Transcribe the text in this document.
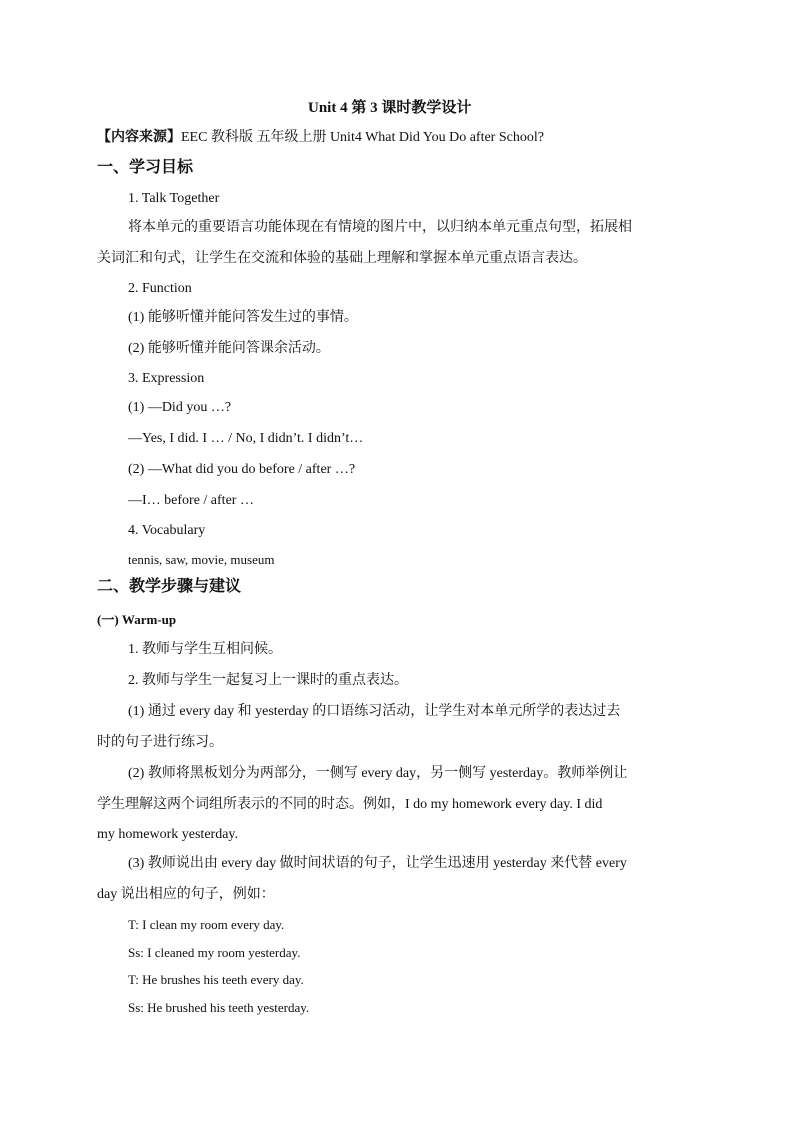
Unit 4 第 3 课时教学设计
【内容来源】EEC 教科版 五年级上册 Unit4 What Did You Do after School?
一、学习目标
1. Talk Together
将本单元的重要语言功能体现在有情境的图片中，以归纳本单元重点句型，拓展相
关词汇和句式，让学生在交流和体验的基础上理解和掌握本单元重点语言表达。
2. Function
(1) 能够听懂并能问答发生过的事情。
(2) 能够听懂并能问答课余活动。
3. Expression
(1) —Did you …?
—Yes, I did. I … / No, I didn’t. I didn’t…
(2) —What did you do before / after …?
—I… before / after …
4. Vocabulary
tennis, saw, movie, museum
二、教学步骤与建议
(一) Warm-up
1. 教师与学生互相问候。
2. 教师与学生一起复习上一课时的重点表达。
(1) 通过 every day 和 yesterday 的口语练习活动，让学生对本单元所学的表达过去
时的句子进行练习。
(2) 教师将黑板划分为两部分，一侧写 every day，另一侧写 yesterday。教师举例让
学生理解这两个词组所表示的不同的时态。例如，I do my homework every day. I did
my homework yesterday.
(3) 教师说出由 every day 做时间状语的句子，让学生迅速用 yesterday 来代替 every
day 说出相应的句子，例如：
T: I clean my room every day.
Ss: I cleaned my room yesterday.
T: He brushes his teeth every day.
Ss: He brushed his teeth yesterday.
